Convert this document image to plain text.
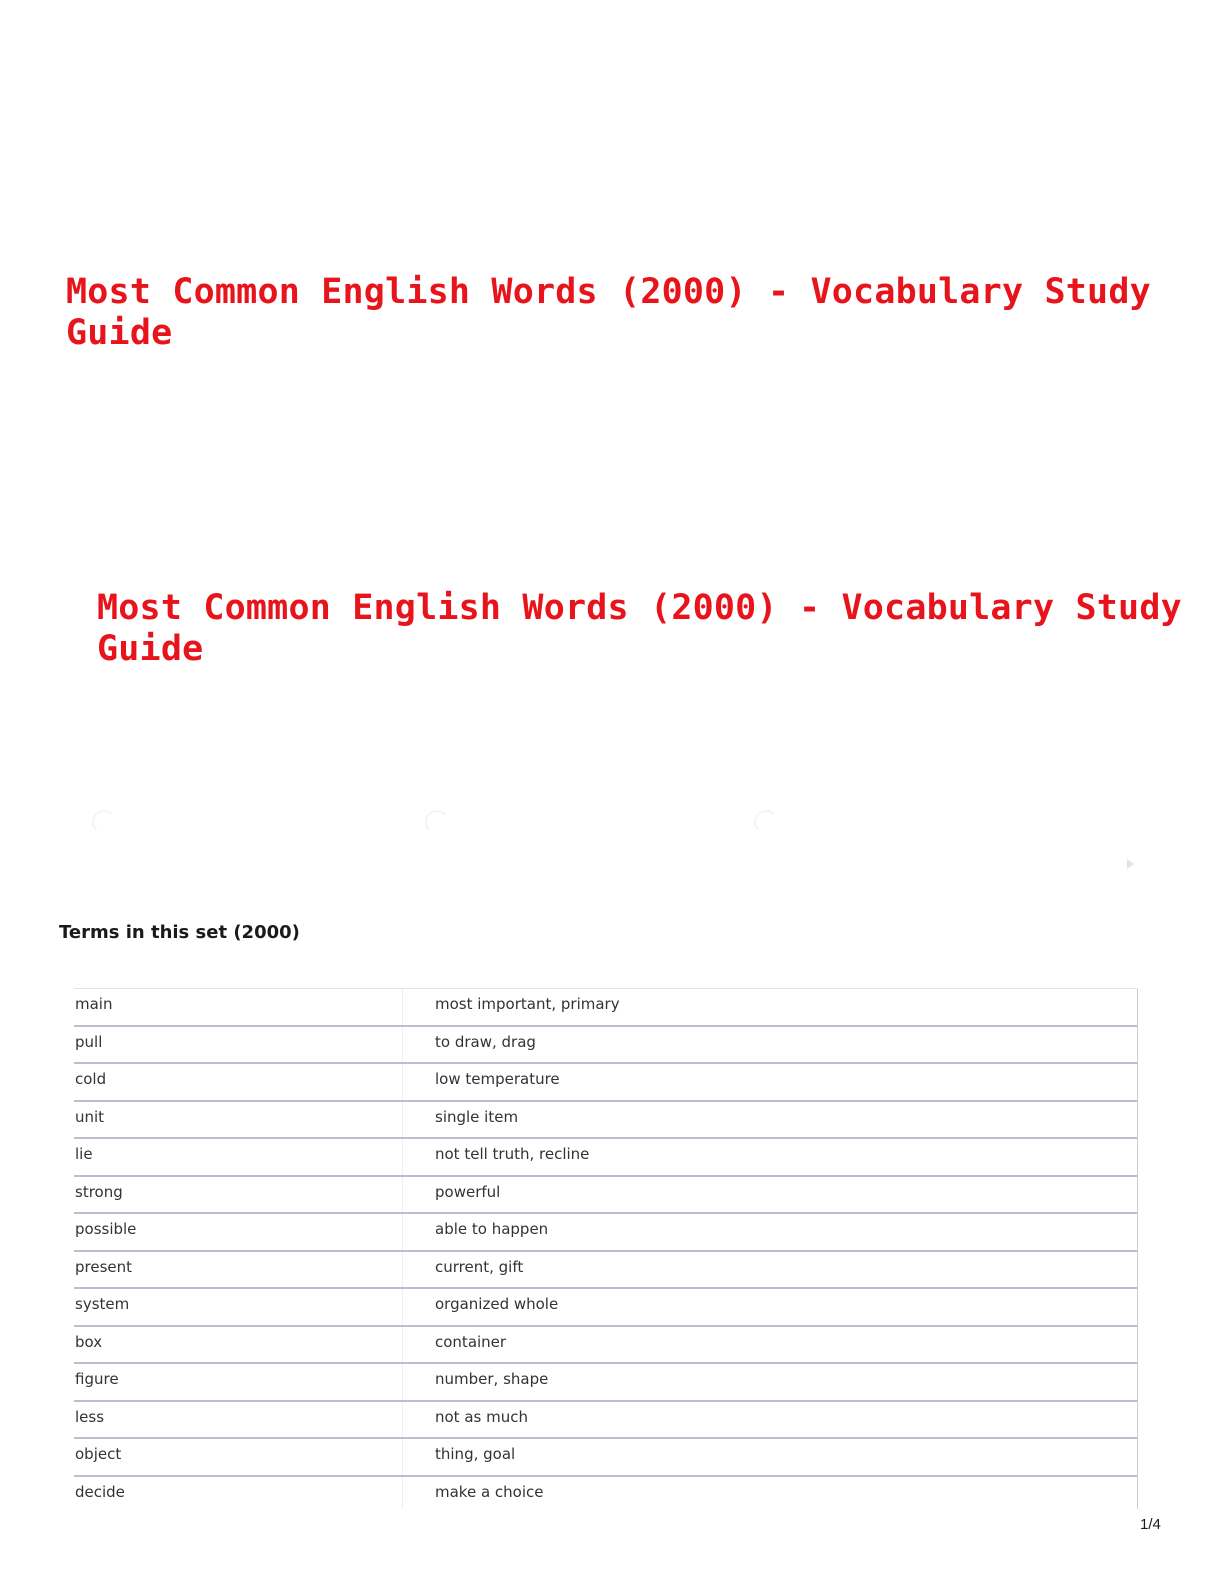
Most Common English Words (2000) - Vocabulary Study Guide
Most Common English Words (2000) - Vocabulary Study Guide
Terms in this set (2000)
main	most important, primary
pull	to draw, drag
cold	low temperature
unit	single item
lie	not tell truth, recline
strong	powerful
possible	able to happen
present	current, gift
system	organized whole
box	container
figure	number, shape
less	not as much
object	thing, goal
decide	make a choice
1/4
